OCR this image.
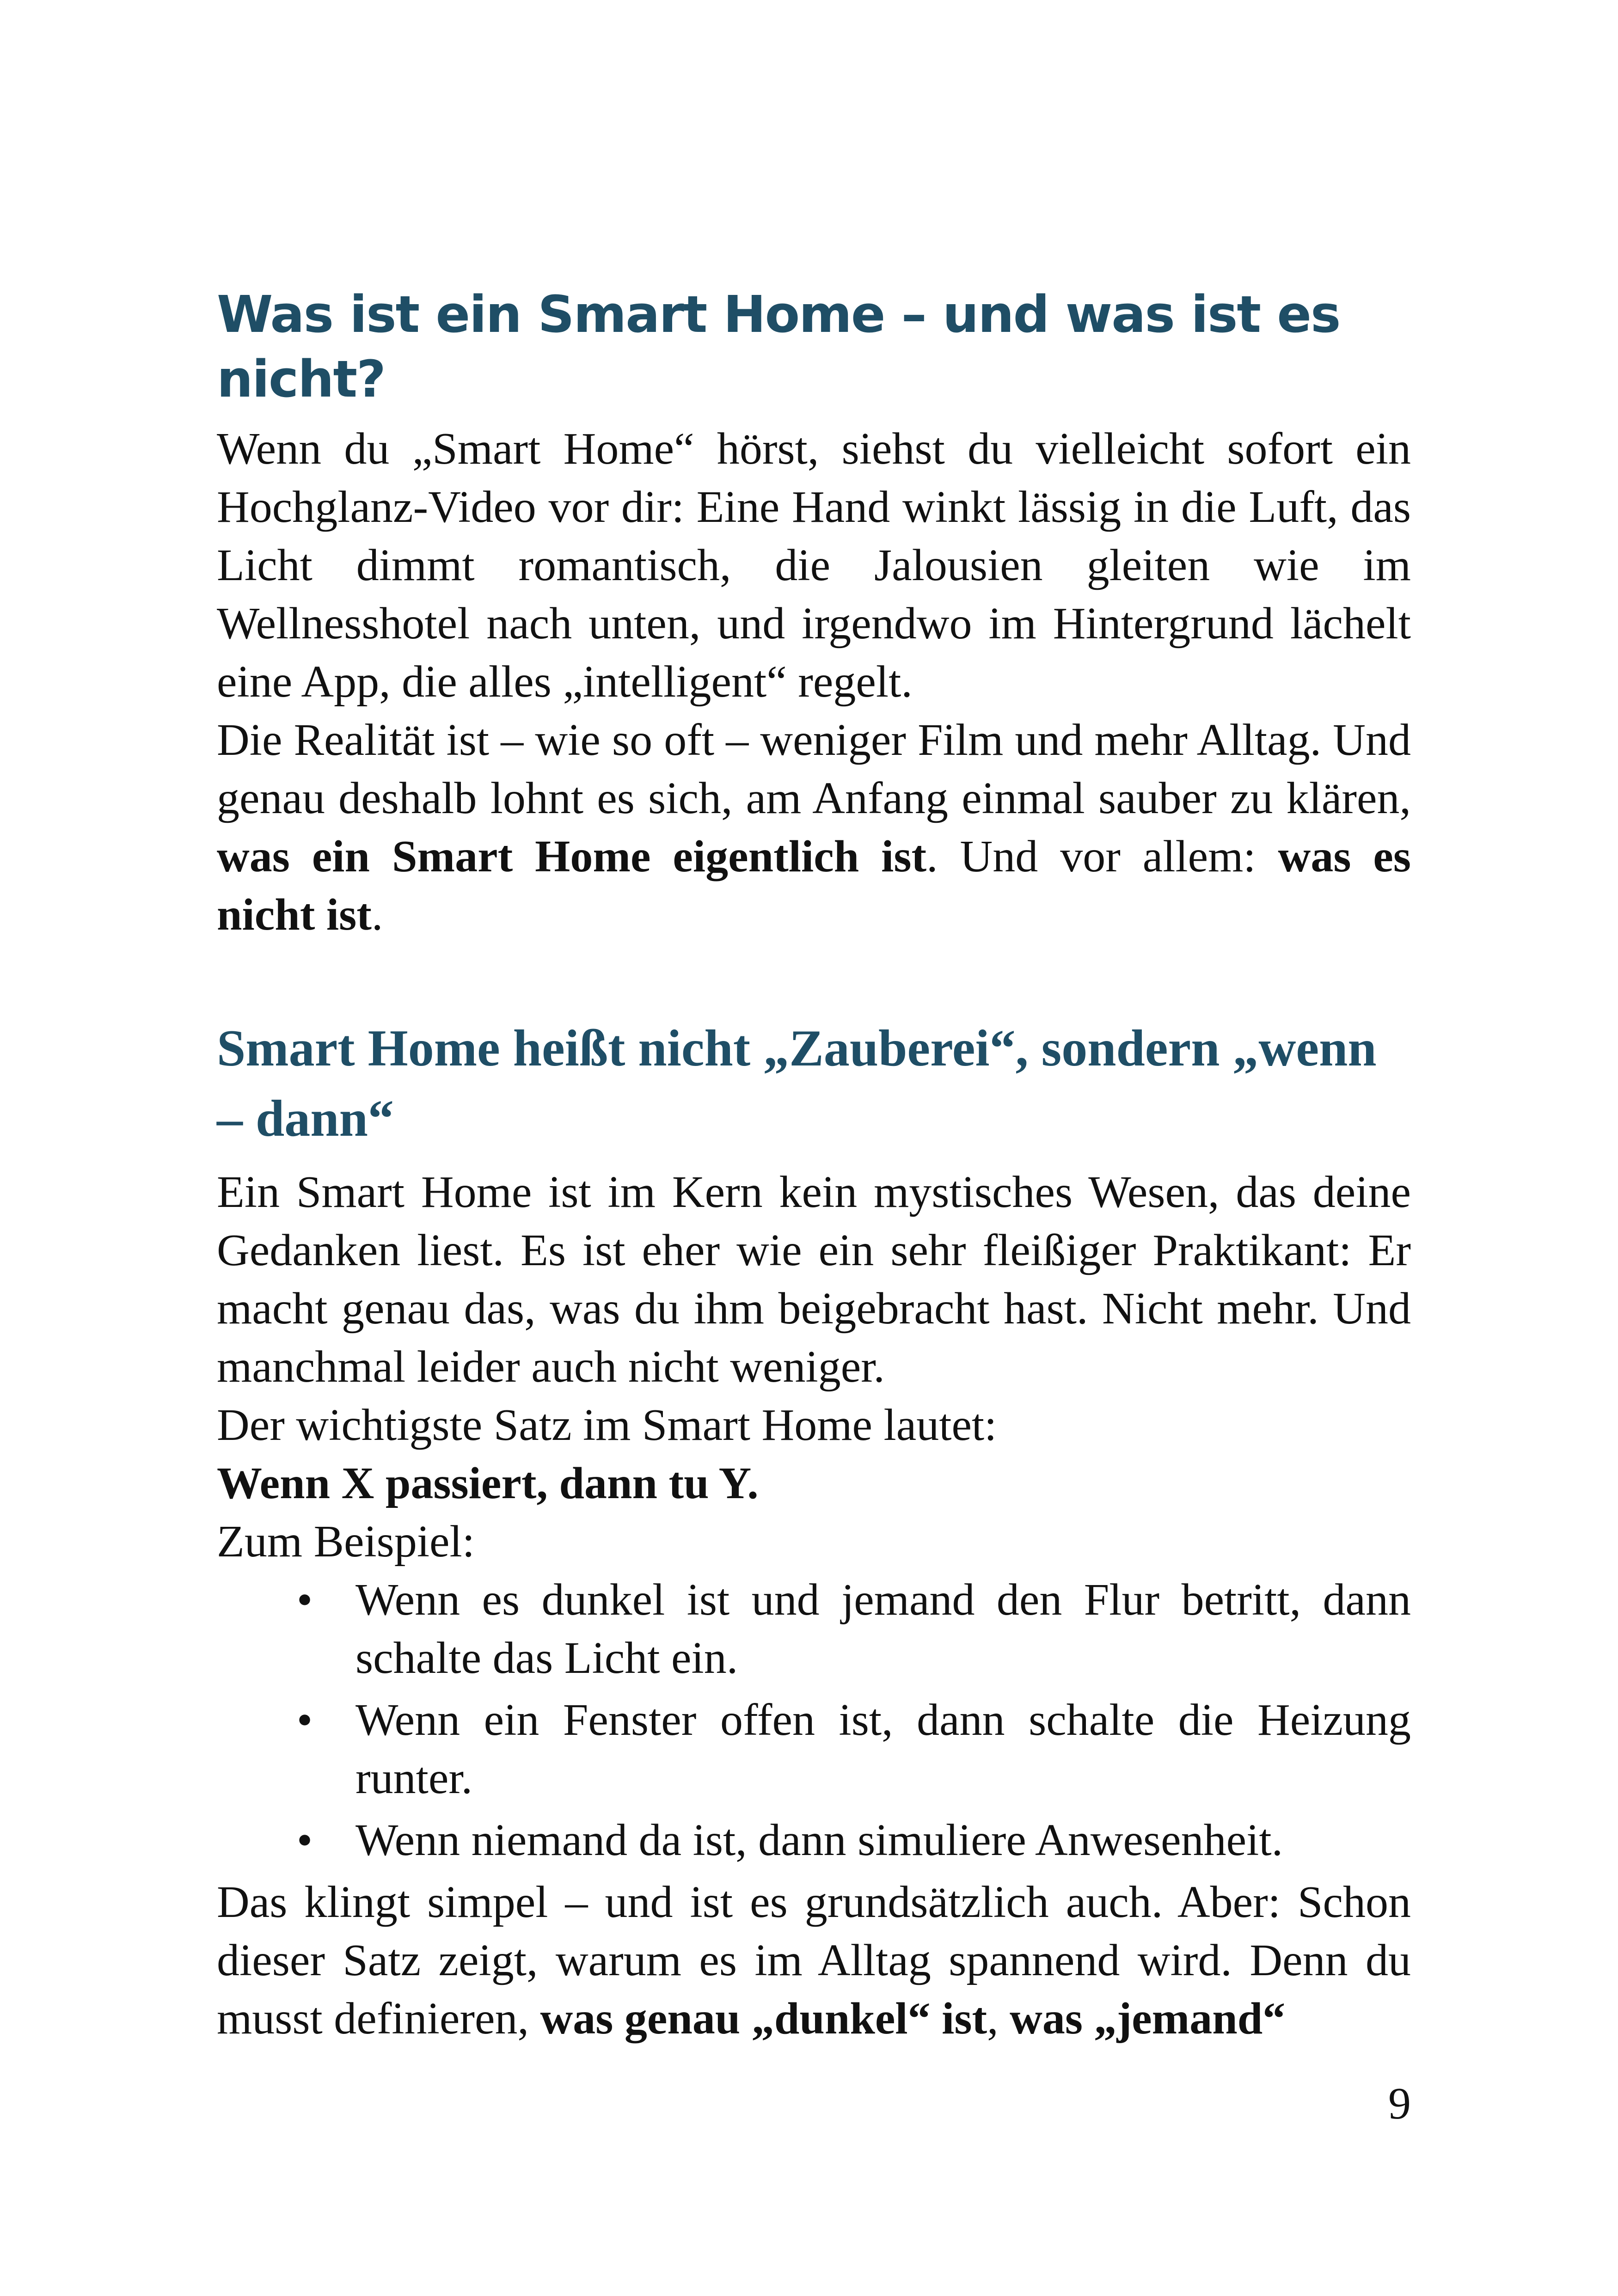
Was ist ein Smart Home – und was ist es nicht?

Wenn du „Smart Home“ hörst, siehst du vielleicht sofort ein Hochglanz-Video vor dir: Eine Hand winkt lässig in die Luft, das Licht dimmt romantisch, die Jalousien gleiten wie im Wellnesshotel nach unten, und irgendwo im Hintergrund lächelt eine App, die alles „intelligent“ regelt.

Die Realität ist – wie so oft – weniger Film und mehr Alltag. Und genau deshalb lohnt es sich, am Anfang einmal sauber zu klären, was ein Smart Home eigentlich ist. Und vor allem: was es nicht ist.

Smart Home heißt nicht „Zauberei“, sondern „wenn – dann“

Ein Smart Home ist im Kern kein mystisches Wesen, das deine Gedanken liest. Es ist eher wie ein sehr fleißiger Praktikant: Er macht genau das, was du ihm beigebracht hast. Nicht mehr. Und manchmal leider auch nicht weniger.

Der wichtigste Satz im Smart Home lautet:

Wenn X passiert, dann tu Y.

Zum Beispiel:

• Wenn es dunkel ist und jemand den Flur betritt, dann schalte das Licht ein.
• Wenn ein Fenster offen ist, dann schalte die Heizung runter.
• Wenn niemand da ist, dann simuliere Anwesenheit.

Das klingt simpel – und ist es grundsätzlich auch. Aber: Schon dieser Satz zeigt, warum es im Alltag spannend wird. Denn du musst definieren, was genau „dunkel“ ist, was „jemand“

9
